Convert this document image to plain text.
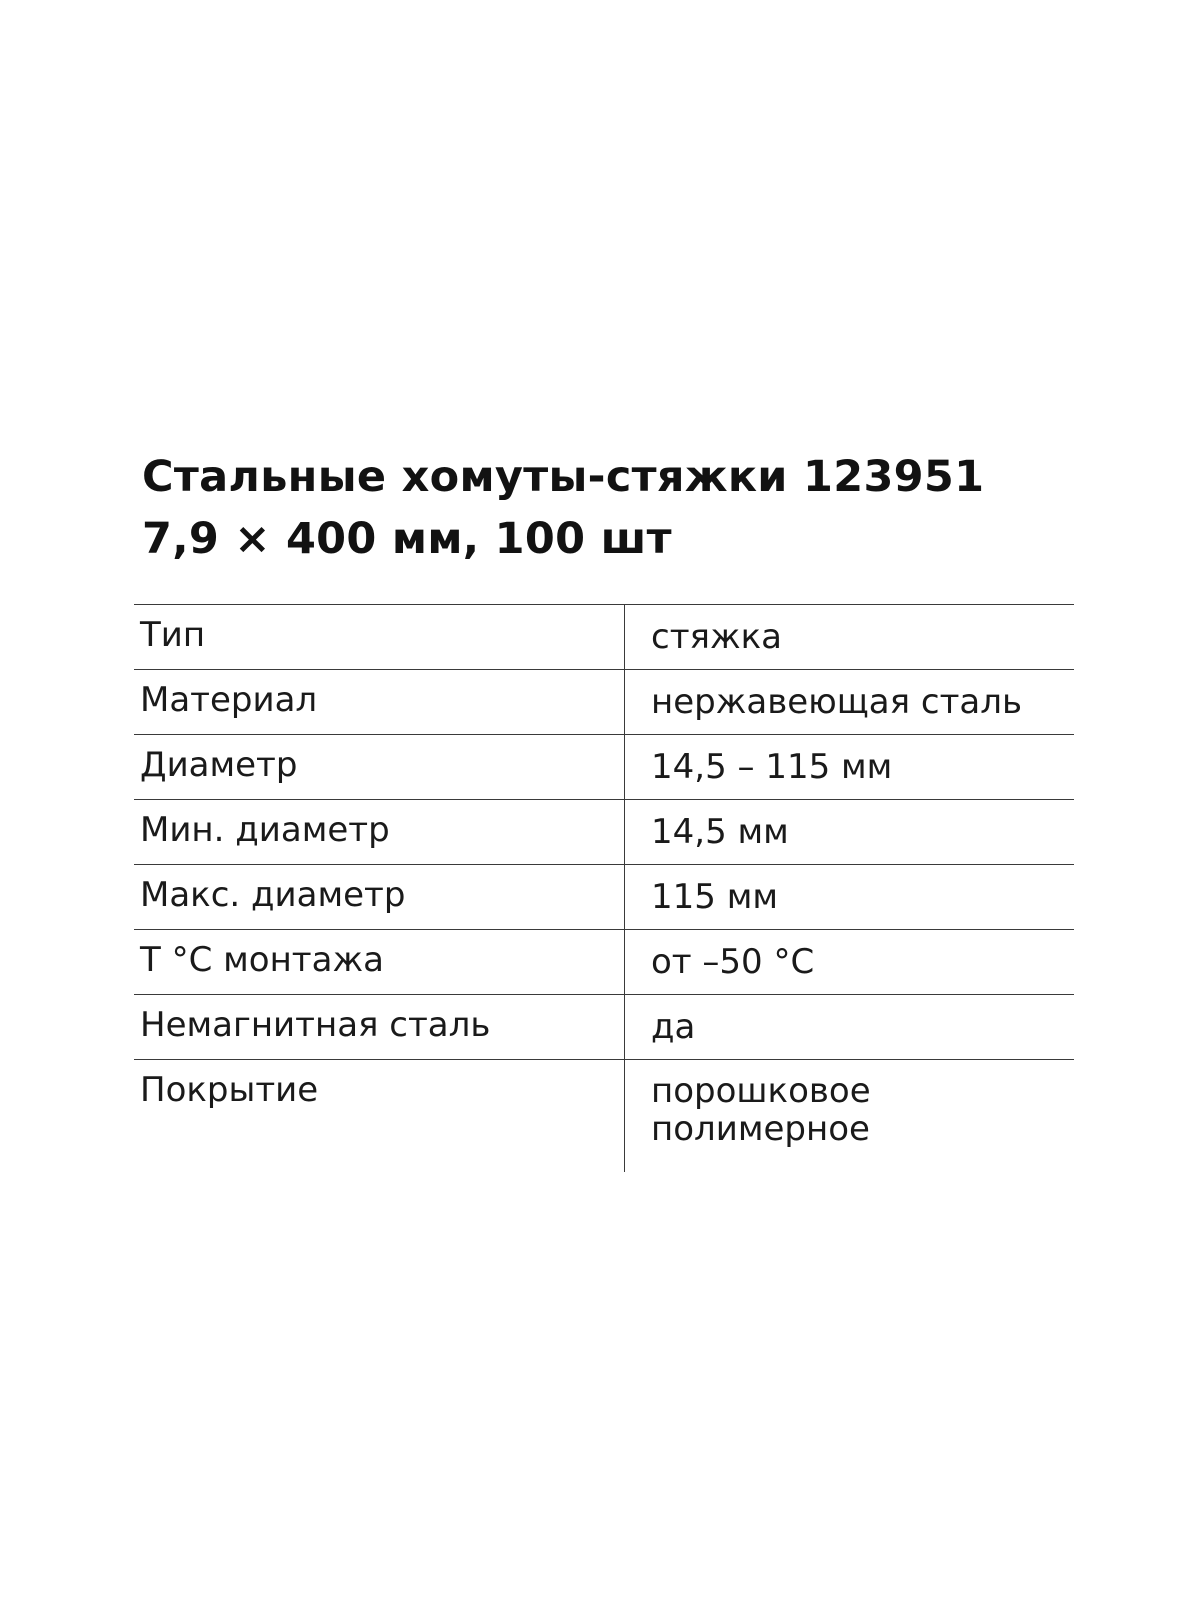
Стальные хомуты-стяжки 123951
7,9 × 400 мм, 100 шт
Тип	стяжка
Материал	нержавеющая сталь
Диаметр	14,5 – 115 мм
Мин. диаметр	14,5 мм
Макс. диаметр	115 мм
Т °С монтажа	от –50 °С
Немагнитная сталь	да
Покрытие	порошковое полимерное
